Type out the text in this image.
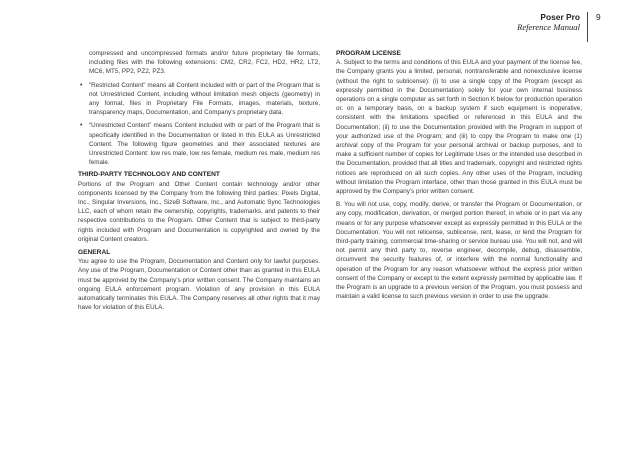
Poser Pro
Reference Manual
9

compressed and uncompressed formats and/or future proprietary file formats, including files with the following extensions: CM2, CR2, FC2, HD2, HR2, LT2, MC6, MT5, PP2, PZ2, PZ3.

• “Restricted Content” means all Content included with or part of the Program that is not Unrestricted Content, including without limitation mesh objects (geometry) in any format, files in Proprietary File Formats, images, materials, texture, transparency maps, Documentation, and Company’s proprietary data.

• “Unrestricted Content” means Content included with or part of the Program that is specifically identified in the Documentation or listed in this EULA as Unrestricted Content. The following figure geometries and their associated textures are Unrestricted Content: low res male, low res female, medium res male, medium res female.

THIRD-PARTY TECHNOLOGY AND CONTENT

Portions of the Program and Other Content contain technology and/or other components licensed by the Company from the following third parties: Pixels Digital, Inc., Singular Inversions, Inc., SizeB Software, Inc., and Automatic Sync Technologies LLC, each of whom retain the ownership, copyrights, trademarks, and patents to their respective contributions to the Program. Other Content that is subject to third-party rights included with Program and Documentation is copyrighted and owned by the original Content creators.

GENERAL

You agree to use the Program, Documentation and Content only for lawful purposes. Any use of the Program, Documentation or Content other than as granted in this EULA must be approved by the Company’s prior written consent. The Company maintains an ongoing EULA enforcement program. Violation of any provision in this EULA automatically terminates this EULA. The Company reserves all other rights that it may have for violation of this EULA.

PROGRAM LICENSE

A. Subject to the terms and conditions of this EULA and your payment of the license fee, the Company grants you a limited, personal, nontransferable and nonexclusive license (without the right to sublicense): (i) to use a single copy of the Program (except as expressly permitted in the Documentation) solely for your own internal business operations on a single computer as set forth in Section K below for production operation or, on a temporary basis, on a backup system if such equipment is inoperative, consistent with the limitations specified or referenced in this EULA and the Documentation; (ii) to use the Documentation provided with the Program in support of your authorized use of the Program; and (iii) to copy the Program to make one (1) archival copy of the Program for your personal archival or backup purposes, and to make a sufficient number of copies for Legitimate Uses or the intended use described in the Documentation, provided that all titles and trademark, copyright and restricted rights notices are reproduced on all such copies. Any other uses of the Program, including without limitation the Program interface, other than those granted in this EULA must be approved by the Company’s prior written consent.

B. You will not use, copy, modify, derive, or transfer the Program or Documentation, or any copy, modification, derivation, or merged portion thereof, in whole or in part via any means or for any purpose whatsoever except as expressly permitted in this EULA or the Documentation. You will not relicense, sublicense, rent, lease, or lend the Program for third-party training, commercial time-sharing or service bureau use. You will not, and will not permit any third party to, reverse engineer, decompile, debug, disassemble, circumvent the security features of, or interfere with the normal functionality and operation of the Program for any reason whatsoever without the express prior written consent of the Company or except to the extent expressly permitted by applicable law. If the Program is an upgrade to a previous version of the Program, you must possess and maintain a valid license to such previous version in order to use the upgrade.
